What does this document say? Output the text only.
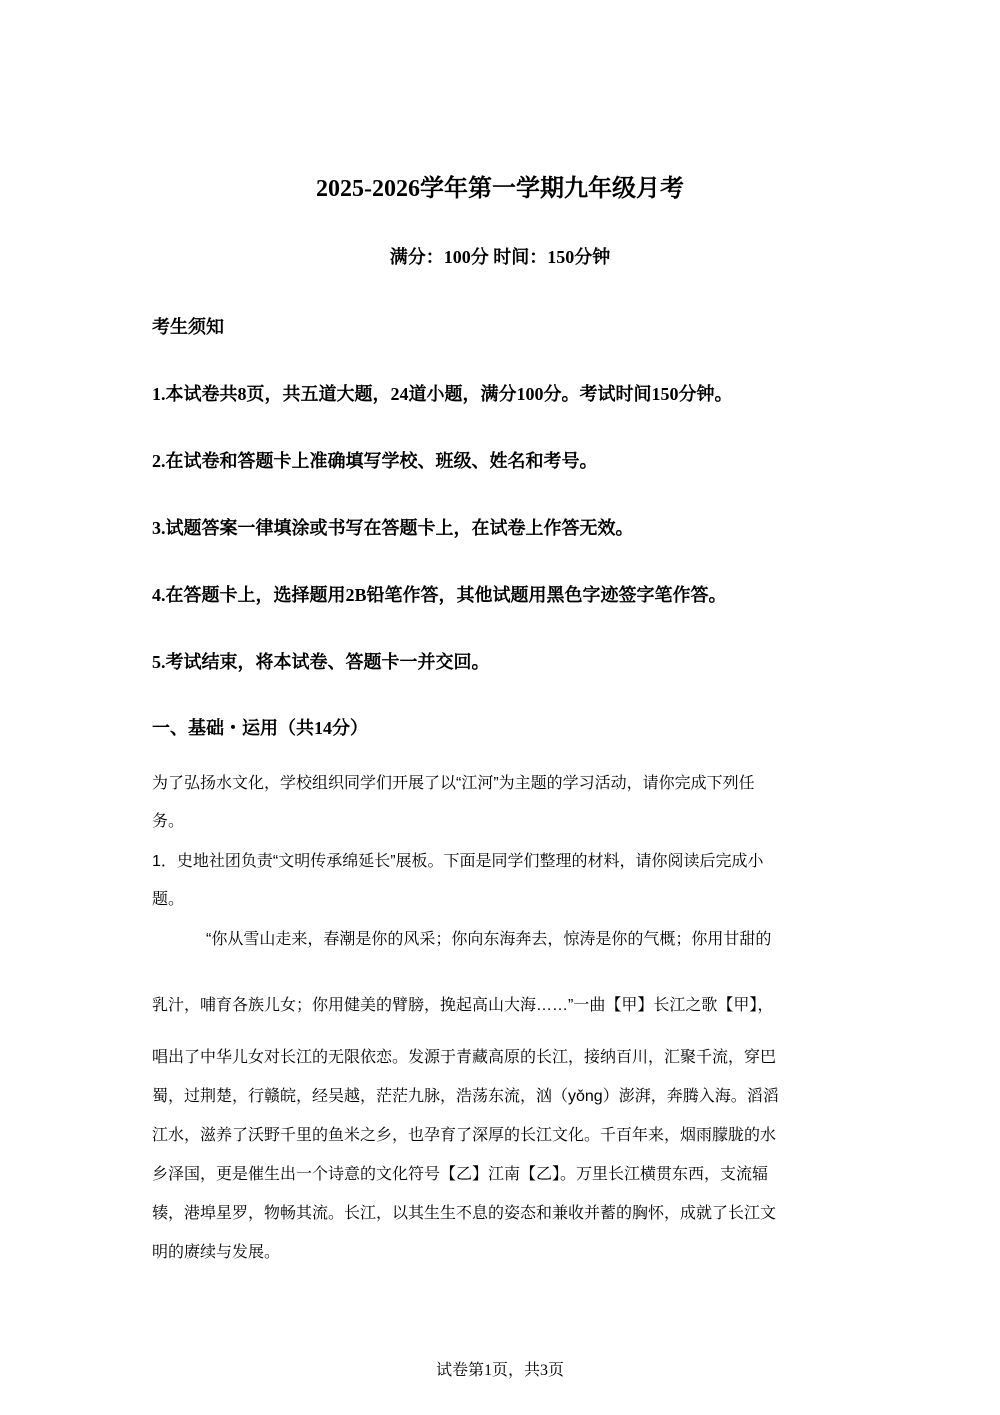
2025-2026学年第一学期九年级月考
满分：100分 时间：150分钟
考生须知
1.本试卷共8页，共五道大题，24道小题，满分100分。考试时间150分钟。
2.在试卷和答题卡上准确填写学校、班级、姓名和考号。
3.试题答案一律填涂或书写在答题卡上，在试卷上作答无效。
4.在答题卡上，选择题用2B铅笔作答，其他试题用黑色字迹签字笔作答。
5.考试结束，将本试卷、答题卡一并交回。
一、基础・运用（共14分）
为了弘扬水文化，学校组织同学们开展了以“江河”为主题的学习活动，请你完成下列任
务。
1．史地社团负责“文明传承绵延长”展板。下面是同学们整理的材料，请你阅读后完成小
题。
“你从雪山走来，春潮是你的风采；你向东海奔去，惊涛是你的气概；你用甘甜的
乳汁，哺育各族儿女；你用健美的臂膀，挽起高山大海……”一曲【甲】长江之歌【甲】，
唱出了中华儿女对长江的无限依恋。发源于青藏高原的长江，接纳百川，汇聚千流，穿巴
蜀，过荆楚，行赣皖，经吴越，茫茫九脉，浩荡东流，汹（yǒng）澎湃，奔腾入海。滔滔
江水，滋养了沃野千里的鱼米之乡，也孕育了深厚的长江文化。千百年来，烟雨朦胧的水
乡泽国，更是催生出一个诗意的文化符号【乙】江南【乙】。万里长江横贯东西，支流辐
辏，港埠星罗，物畅其流。长江，以其生生不息的姿态和兼收并蓄的胸怀，成就了长江文
明的赓续与发展。
试卷第1页，共3页
